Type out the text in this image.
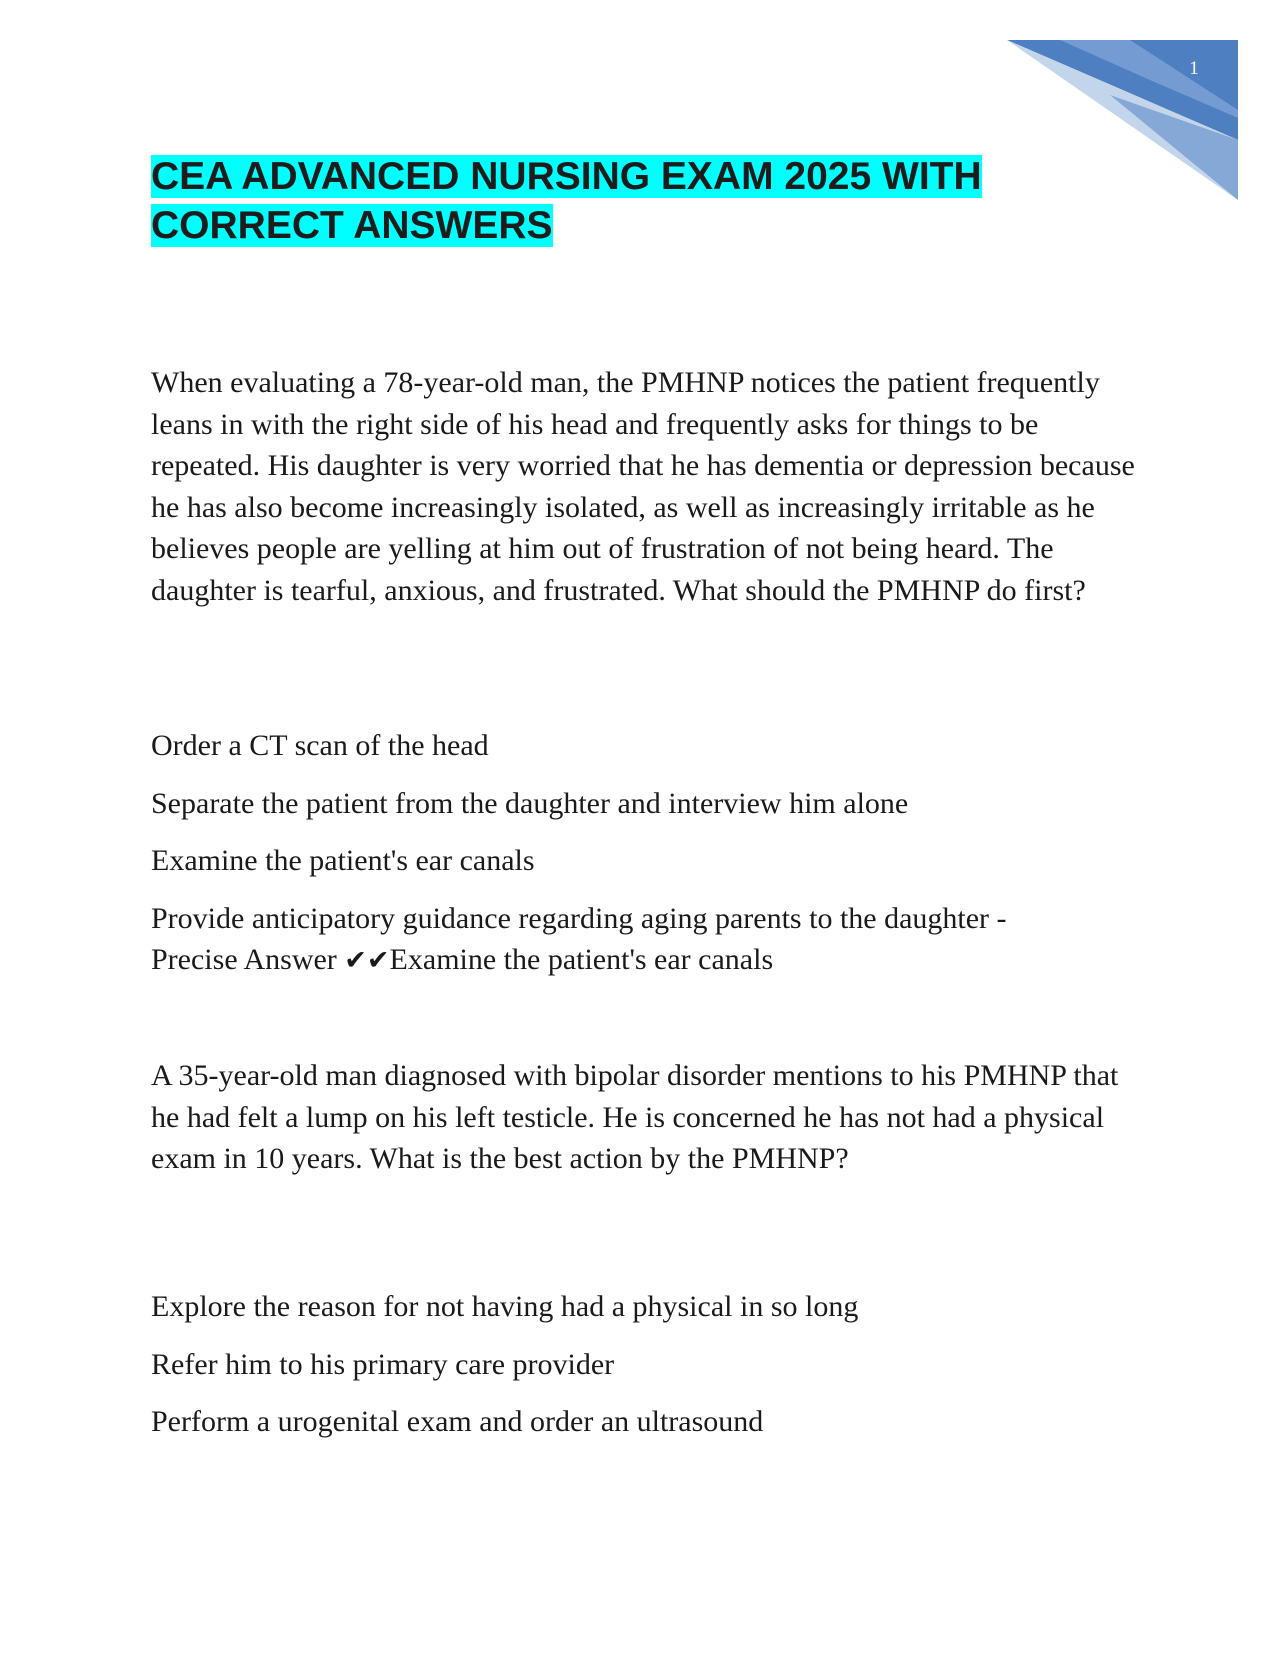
1
CEA ADVANCED NURSING EXAM 2025 WITH
CORRECT ANSWERS

When evaluating a 78-year-old man, the PMHNP notices the patient frequently leans in with the right side of his head and frequently asks for things to be repeated. His daughter is very worried that he has dementia or depression because he has also become increasingly isolated, as well as increasingly irritable as he believes people are yelling at him out of frustration of not being heard. The daughter is tearful, anxious, and frustrated. What should the PMHNP do first?

Order a CT scan of the head

Separate the patient from the daughter and interview him alone

Examine the patient's ear canals

Provide anticipatory guidance regarding aging parents to the daughter -

Precise Answer ✔✔Examine the patient's ear canals

A 35-year-old man diagnosed with bipolar disorder mentions to his PMHNP that he had felt a lump on his left testicle. He is concerned he has not had a physical exam in 10 years. What is the best action by the PMHNP?

Explore the reason for not having had a physical in so long

Refer him to his primary care provider

Perform a urogenital exam and order an ultrasound
